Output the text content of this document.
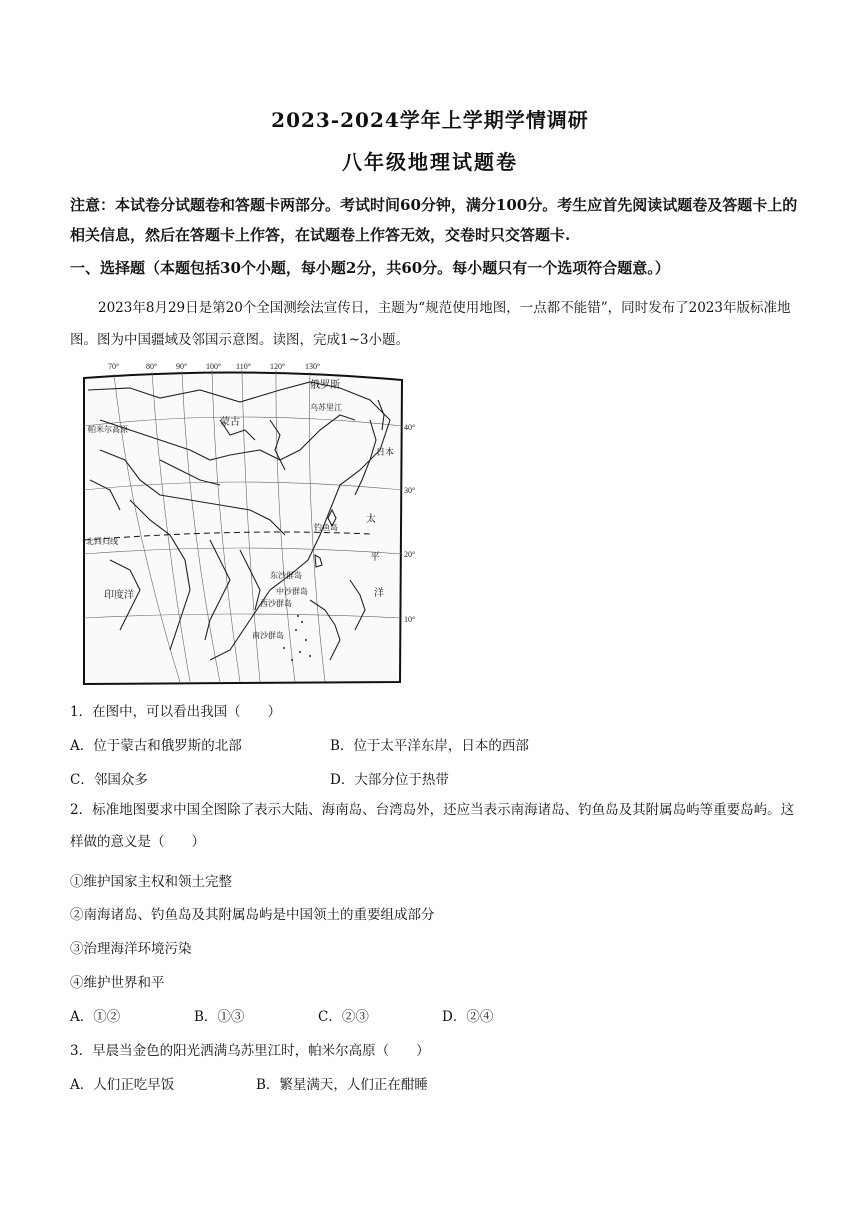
2023-2024学年上学期学情调研
八年级地理试题卷
注意：本试卷分试题卷和答题卡两部分。考试时间60分钟，满分100分。考生应首先阅读试题卷及答题卡上的相关信息，然后在答题卡上作答，在试题卷上作答无效，交卷时只交答题卡.
一、选择题（本题包括30个小题，每小题2分，共60分。每小题只有一个选项符合题意。）
2023年8月29日是第20个全国测绘法宣传日，主题为“规范使用地图，一点都不能错”，同时发布了2023年版标准地图。图为中国疆域及邻国示意图。读图，完成1~3小题。
70°	80° 90° 100° 110° 120° 130°
40°
30°
20°
10°
俄罗斯
乌苏里江
蒙古
帕米尔高原
日本
钓鱼岛
太
平
洋
北回归线
印度洋
东沙群岛
中沙群岛
西沙群岛
南沙群岛
1．在图中，可以看出我国（　　）
A．位于蒙古和俄罗斯的北部	B．位于太平洋东岸，日本的西部
C．邻国众多	D．大部分位于热带
2．标准地图要求中国全图除了表示大陆、海南岛、台湾岛外，还应当表示南海诸岛、钓鱼岛及其附属岛屿等重要岛屿。这样做的意义是（　　）
①维护国家主权和领土完整
②南海诸岛、钓鱼岛及其附属岛屿是中国领土的重要组成部分
③治理海洋环境污染
④维护世界和平
A．①②	B．①③	C．②③	D．②④
3．早晨当金色的阳光洒满乌苏里江时，帕米尔高原（　　）
A．人们正吃早饭	B．繁星满天，人们正在酣睡
